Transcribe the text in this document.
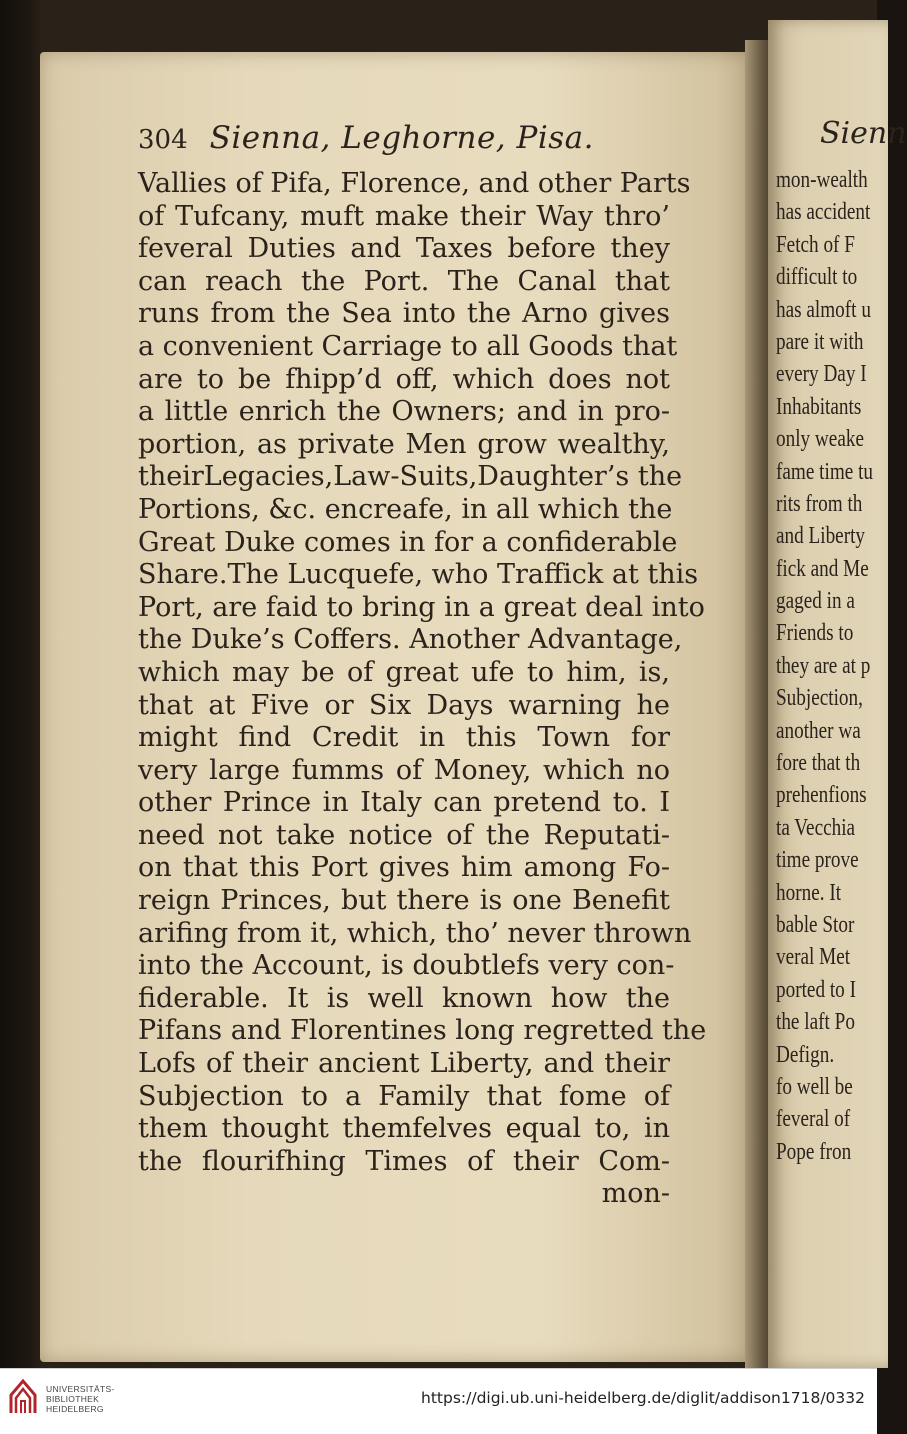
Sienn
mon-wealth
has accident
Fetch of F
difficult to
has almoft u
pare it with
every Day I
Inhabitants
only weake
fame time tu
rits from th
and Liberty
fick and Me
gaged in a
Friends to
they are at p
Subjection,
another wa
fore that th
prehenfions
ta Vecchia
time prove
horne. It
bable Stor
veral Met
ported to I
the laft Po
Defign.
fo well be
feveral of
Pope fron
304 Sienna, Leghorne, Pisa.
Vallies of Pifa, Florence, and other Parts
of Tufcany, muft make their Way thro’
feveral Duties and Taxes before they
can reach the Port. The Canal that
runs from the Sea into the Arno gives
a convenient Carriage to all Goods that
are to be fhipp’d off, which does not
a little enrich the Owners; and in pro-
portion, as private Men grow wealthy,
theirLegacies,Law-Suits,Daughter’s the
Portions, &c. encreafe, in all which the
Great Duke comes in for a confiderable
Share.The Lucquefe, who Traffick at this
Port, are faid to bring in a great deal into
the Duke’s Coffers. Another Advantage,
which may be of great ufe to him, is,
that at Five or Six Days warning he
might find Credit in this Town for
very large fumms of Money, which no
other Prince in Italy can pretend to. I
need not take notice of the Reputati-
on that this Port gives him among Fo-
reign Princes, but there is one Benefit
arifing from it, which, tho’ never thrown
into the Account, is doubtlefs very con-
fiderable. It is well known how the
Pifans and Florentines long regretted the
Lofs of their ancient Liberty, and their
Subjection to a Family that fome of
them thought themfelves equal to, in
the flourifhing Times of their Com-
mon-
UNIVERSITÄTS-
BIBLIOTHEK
HEIDELBERG
https://digi.ub.uni-heidelberg.de/diglit/addison1718/0332
